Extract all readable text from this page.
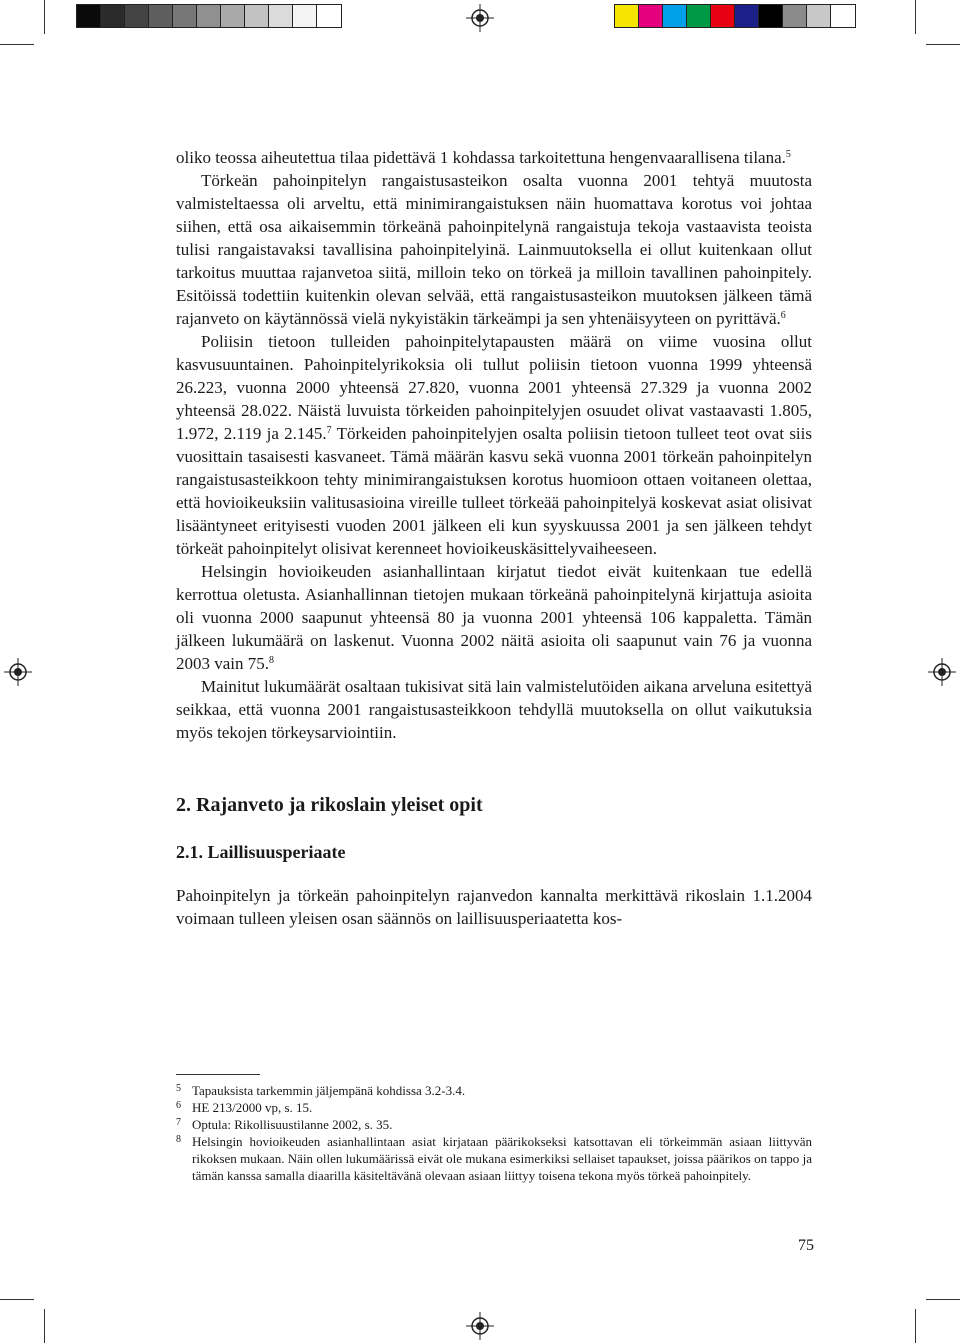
oliko teossa aiheutettua tilaa pidettävä 1 kohdassa tarkoitettuna hengenvaarallisena tilana.$^5$

Törkeän pahoinpitelyn rangaistusasteikon osalta vuonna 2001 tehtyä muutosta valmisteltaessa oli arveltu, että minimirangaistuksen näin huomattava korotus voi johtaa siihen, että osa aikaisemmin törkeänä pahoinpitelynä rangaistuja tekoja vastaavista teoista tulisi rangaistavaksi tavallisina pahoinpitelyinä. Lainmuutoksella ei ollut kuitenkaan ollut tarkoitus muuttaa rajanvetoa siitä, milloin teko on törkeä ja milloin tavallinen pahoinpitely. Esitöissä todettiin kuitenkin olevan selvää, että rangaistusasteikon muutoksen jälkeen tämä rajanveto on käytännössä vielä nykyistäkin tärkeämpi ja sen yhtenäisyyteen on pyrittävä.$^6$

Poliisin tietoon tulleiden pahoinpitelytapausten määrä on viime vuosina ollut kasvusuuntainen. Pahoinpitelyrikoksia oli tullut poliisin tietoon vuonna 1999 yhteensä 26.223, vuonna 2000 yhteensä 27.820, vuonna 2001 yhteensä 27.329 ja vuonna 2002 yhteensä 28.022. Näistä luvuista törkeiden pahoinpitelyjen osuudet olivat vastaavasti 1.805, 1.972, 2.119 ja 2.145.$^7$ Törkeiden pahoinpitelyjen osalta poliisin tietoon tulleet teot ovat siis vuosittain tasaisesti kasvaneet. Tämä määrän kasvu sekä vuonna 2001 törkeän pahoinpitelyn rangaistusasteikkoon tehty minimirangaistuksen korotus huomioon ottaen voitaneen olettaa, että hovioikeuksiin valitusasioina vireille tulleet törkeää pahoinpitelyä koskevat asiat olisivat lisääntyneet erityisesti vuoden 2001 jälkeen eli kun syyskuussa 2001 ja sen jälkeen tehdyt törkeät pahoinpitelyt olisivat kerenneet hovioikeuskäsittelyvaiheeseen.

Helsingin hovioikeuden asianhallintaan kirjatut tiedot eivät kuitenkaan tue edellä kerrottua oletusta. Asianhallinnan tietojen mukaan törkeänä pahoinpitelynä kirjattuja asioita oli vuonna 2000 saapunut yhteensä 80 ja vuonna 2001 yhteensä 106 kappaletta. Tämän jälkeen lukumäärä on laskenut. Vuonna 2002 näitä asioita oli saapunut vain 76 ja vuonna 2003 vain 75.$^8$

Mainitut lukumäärät osaltaan tukisivat sitä lain valmistelutöiden aikana arveluna esitettyä seikkaa, että vuonna 2001 rangaistusasteikkoon tehdyllä muutoksella on ollut vaikutuksia myös tekojen törkeysarviointiin.

2. Rajanveto ja rikoslain yleiset opit
2.1. Laillisuusperiaate

Pahoinpitelyn ja törkeän pahoinpitelyn rajanvedon kannalta merkittävä rikoslain 1.1.2004 voimaan tulleen yleisen osan säännös on laillisuusperiaatetta kos-

5 Tapauksista tarkemmin jäljempänä kohdissa 3.2-3.4.

6 HE 213/2000 vp, s. 15.

7 Optula: Rikollisuustilanne 2002, s. 35.

8 Helsingin hovioikeuden asianhallintaan asiat kirjataan päärikokseksi katsottavan eli törkeimmän asiaan liittyvän rikoksen mukaan. Näin ollen lukumäärissä eivät ole mukana esimerkiksi sellaiset tapaukset, joissa päärikos on tappo ja tämän kanssa samalla diaarilla käsiteltävänä olevaan asiaan liittyy toisena tekona myös törkeä pahoinpitely.

75
